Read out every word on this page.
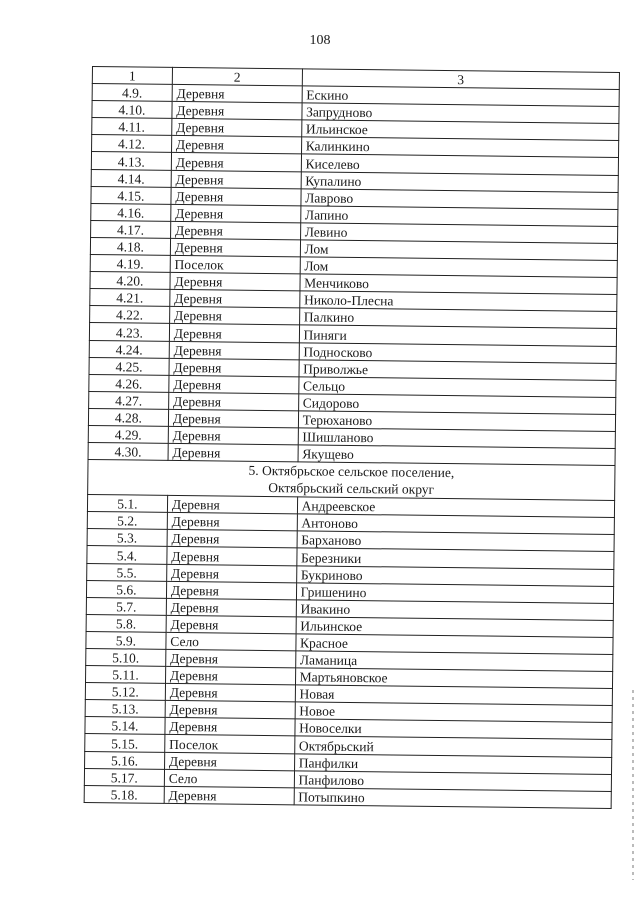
108
1	2	3
4.9.	Деревня	Ескино
4.10.	Деревня	Запрудново
4.11.	Деревня	Ильинское
4.12.	Деревня	Калинкино
4.13.	Деревня	Киселево
4.14.	Деревня	Купалино
4.15.	Деревня	Лаврово
4.16.	Деревня	Лапино
4.17.	Деревня	Левино
4.18.	Деревня	Лом
4.19.	Поселок	Лом
4.20.	Деревня	Менчиково
4.21.	Деревня	Николо-Плесна
4.22.	Деревня	Палкино
4.23.	Деревня	Пиняги
4.24.	Деревня	Подносково
4.25.	Деревня	Приволжье
4.26.	Деревня	Сельцо
4.27.	Деревня	Сидорово
4.28.	Деревня	Терюханово
4.29.	Деревня	Шишланово
4.30.	Деревня	Якущево

5. Октябрьское сельское поселение,
Октябрьский сельский округ		

5.1.	Деревня	Андреевское
5.2.	Деревня	Антоново
5.3.	Деревня	Барханово
5.4.	Деревня	Березники
5.5.	Деревня	Букриново
5.6.	Деревня	Гришенино
5.7.	Деревня	Ивакино
5.8.	Деревня	Ильинское
5.9.	Село	Красное
5.10.	Деревня	Ламаница
5.11.	Деревня	Мартьяновское
5.12.	Деревня	Новая
5.13.	Деревня	Новое
5.14.	Деревня	Новоселки
5.15.	Поселок	Октябрьский
5.16.	Деревня	Панфилки
5.17.	Село	Панфилово
5.18.	Деревня	Потыпкино
